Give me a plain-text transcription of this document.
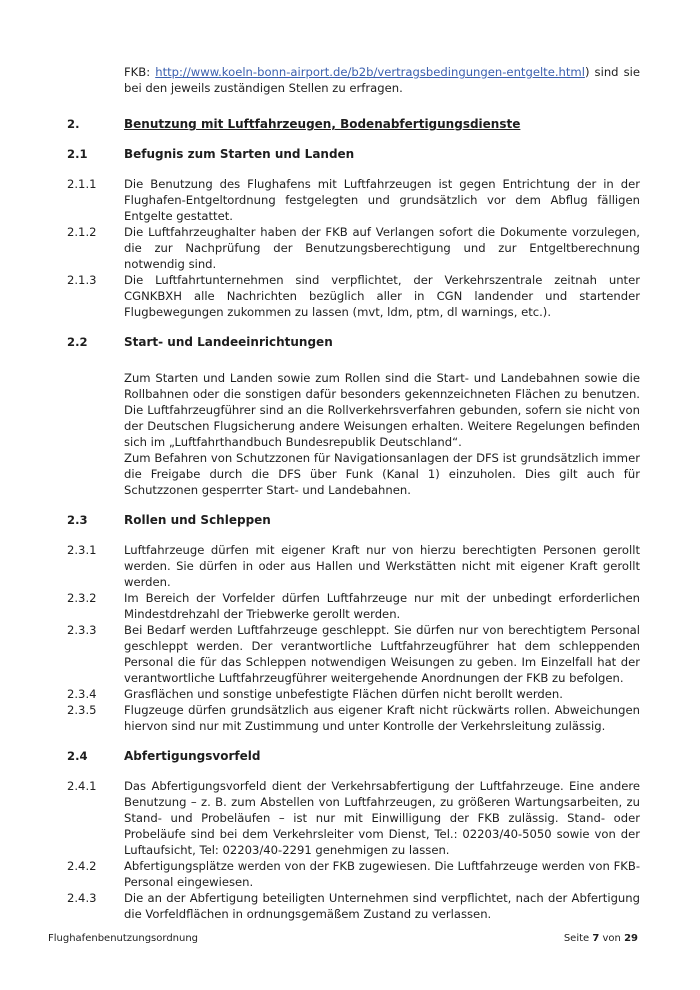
FKB: http://www.koeln-bonn-airport.de/b2b/vertragsbedingungen-entgelte.html) sind sie bei den jeweils zuständigen Stellen zu erfragen.
2.	Benutzung mit Luftfahrzeugen, Bodenabfertigungsdienste
2.1	Befugnis zum Starten und Landen
2.1.1 Die Benutzung des Flughafens mit Luftfahrzeugen ist gegen Entrichtung der in der Flughafen-Entgeltordnung festgelegten und grundsätzlich vor dem Abflug fälligen Entgelte gestattet.
2.1.2 Die Luftfahrzeughalter haben der FKB auf Verlangen sofort die Dokumente vorzulegen, die zur Nachprüfung der Benutzungsberechtigung und zur Entgeltberechnung notwendig sind.
2.1.3 Die Luftfahrtunternehmen sind verpflichtet, der Verkehrszentrale zeitnah unter CGNKBXH alle Nachrichten bezüglich aller in CGN landender und startender Flugbewegungen zukommen zu lassen (mvt, ldm, ptm, dl warnings, etc.).
2.2	Start- und Landeeinrichtungen
Zum Starten und Landen sowie zum Rollen sind die Start- und Landebahnen sowie die Rollbahnen oder die sonstigen dafür besonders gekennzeichneten Flächen zu benutzen. Die Luftfahrzeugführer sind an die Rollverkehrsverfahren gebunden, sofern sie nicht von der Deutschen Flugsicherung andere Weisungen erhalten. Weitere Regelungen befinden sich im „Luftfahrthandbuch Bundesrepublik Deutschland“.
Zum Befahren von Schutzzonen für Navigationsanlagen der DFS ist grundsätzlich immer die Freigabe durch die DFS über Funk (Kanal 1) einzuholen. Dies gilt auch für Schutzzonen gesperrter Start- und Landebahnen.
2.3	Rollen und Schleppen
2.3.1 Luftfahrzeuge dürfen mit eigener Kraft nur von hierzu berechtigten Personen gerollt werden. Sie dürfen in oder aus Hallen und Werkstätten nicht mit eigener Kraft gerollt werden.
2.3.2 Im Bereich der Vorfelder dürfen Luftfahrzeuge nur mit der unbedingt erforderlichen Mindestdrehzahl der Triebwerke gerollt werden.
2.3.3 Bei Bedarf werden Luftfahrzeuge geschleppt. Sie dürfen nur von berechtigtem Personal geschleppt werden. Der verantwortliche Luftfahrzeugführer hat dem schleppenden Personal die für das Schleppen notwendigen Weisungen zu geben. Im Einzelfall hat der verantwortliche Luftfahrzeugführer weitergehende Anordnungen der FKB zu befolgen.
2.3.4 Grasflächen und sonstige unbefestigte Flächen dürfen nicht berollt werden.
2.3.5 Flugzeuge dürfen grundsätzlich aus eigener Kraft nicht rückwärts rollen. Abweichungen hiervon sind nur mit Zustimmung und unter Kontrolle der Verkehrsleitung zulässig.
2.4	Abfertigungsvorfeld
2.4.1 Das Abfertigungsvorfeld dient der Verkehrsabfertigung der Luftfahrzeuge. Eine andere Benutzung – z. B. zum Abstellen von Luftfahrzeugen, zu größeren Wartungsarbeiten, zu Stand- und Probeläufen – ist nur mit Einwilligung der FKB zulässig. Stand- oder Probeläufe sind bei dem Verkehrsleiter vom Dienst, Tel.: 02203/40-5050 sowie von der Luftaufsicht, Tel: 02203/40-2291 genehmigen zu lassen.
2.4.2 Abfertigungsplätze werden von der FKB zugewiesen. Die Luftfahrzeuge werden von FKB-Personal eingewiesen.
2.4.3 Die an der Abfertigung beteiligten Unternehmen sind verpflichtet, nach der Abfertigung die Vorfeldflächen in ordnungsgemäßem Zustand zu verlassen.
Flughafenbenutzungsordnung	Seite 7 von 29
